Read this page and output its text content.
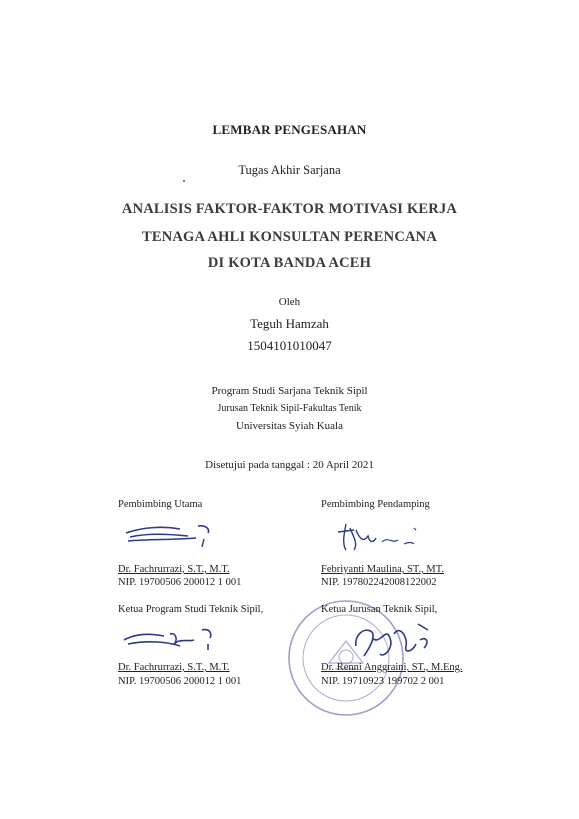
LEMBAR PENGESAHAN
Tugas Akhir Sarjana
ANALISIS FAKTOR-FAKTOR MOTIVASI KERJA
TENAGA AHLI KONSULTAN PERENCANA
DI KOTA BANDA ACEH
Oleh
Teguh Hamzah
1504101010047
Program Studi Sarjana Teknik Sipil
Jurusan Teknik Sipil-Fakultas Tenik
Universitas Syiah Kuala
Disetujui pada tanggal : 20 April 2021
Pembimbing Utama
Dr. Fachrurrazi, S.T., M.T.
NIP. 19700506 200012 1 001
Pembimbing Pendamping
Febriyanti Maulina, ST., MT.
NIP. 197802242008122002
Ketua Program Studi Teknik Sipil,
Dr. Fachrurrazi, S.T., M.T.
NIP. 19700506 200012 1 001
Ketua Jurusan Teknik Sipil,
Dr. Renni Anggraini, ST., M.Eng.
NIP. 19710923 199702 2 001
